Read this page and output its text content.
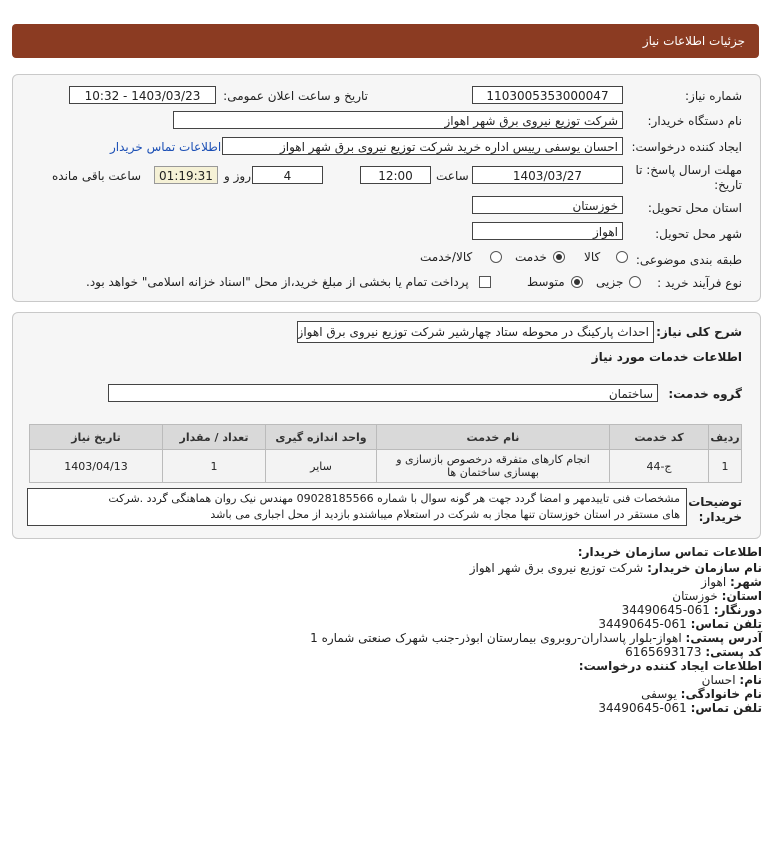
جزئیات اطلاعات نیاز
شماره نیاز:
1103005353000047
تاریخ و ساعت اعلان عمومی:
1403/03/23 - 10:32
نام دستگاه خریدار:
شرکت توزیع نیروی برق شهر اهواز
ایجاد کننده درخواست:
احسان یوسفی رییس اداره خرید شرکت توزیع نیروی برق شهر اهواز
اطلاعات تماس خریدار
مهلت ارسال پاسخ: تا
تاریخ:
1403/03/27
ساعت
12:00
4
روز و
01:19:31
ساعت باقی مانده
استان محل تحویل:
خوزستان
شهر محل تحویل:
اهواز
طبقه بندی موضوعی:
کالا
خدمت
کالا/خدمت
نوع فرآیند خرید :
جزیی
متوسط
پرداخت تمام یا بخشی از مبلغ خرید،از محل "اسناد خزانه اسلامی" خواهد بود.
شرح کلی نیاز:
احداث پارکینگ در محوطه ستاد چهارشیر شرکت توزیع نیروی برق اهواز
اطلاعات خدمات مورد نیاز
گروه خدمت:
ساختمان
ردیف	کد خدمت	نام خدمت	واحد اندازه گیری	تعداد / مقدار	تاریخ نیاز
1	ج-44	انجام کارهای متفرقه درخصوص بازسازی و بهسازی ساختمان ها	سایر	1	1403/04/13
توضیحات
خریدار:
مشخصات فنی تاییدمهر و امضا گردد جهت هر گونه سوال با شماره 09028185566 مهندس نیک روان هماهنگی گردد .شرکت
های مستقر در استان خوزستان تنها مجاز به شرکت در استعلام میباشندو بازدید از محل اجباری می باشد
اطلاعات تماس سازمان خریدار:
نام سازمان خریدار: شرکت توزیع نیروی برق شهر اهواز
شهر: اهواز
استان: خوزستان
دورنگار: 061-34490645
تلفن تماس: 061-34490645
آدرس پستی: اهواز-بلوار پاسداران-روبروی بیمارستان ابوذر-جنب شهرک صنعتی شماره 1
کد پستی: 6165693173
اطلاعات ایجاد کننده درخواست:
نام: احسان
نام خانوادگی: یوسفی
تلفن تماس: 061-34490645
